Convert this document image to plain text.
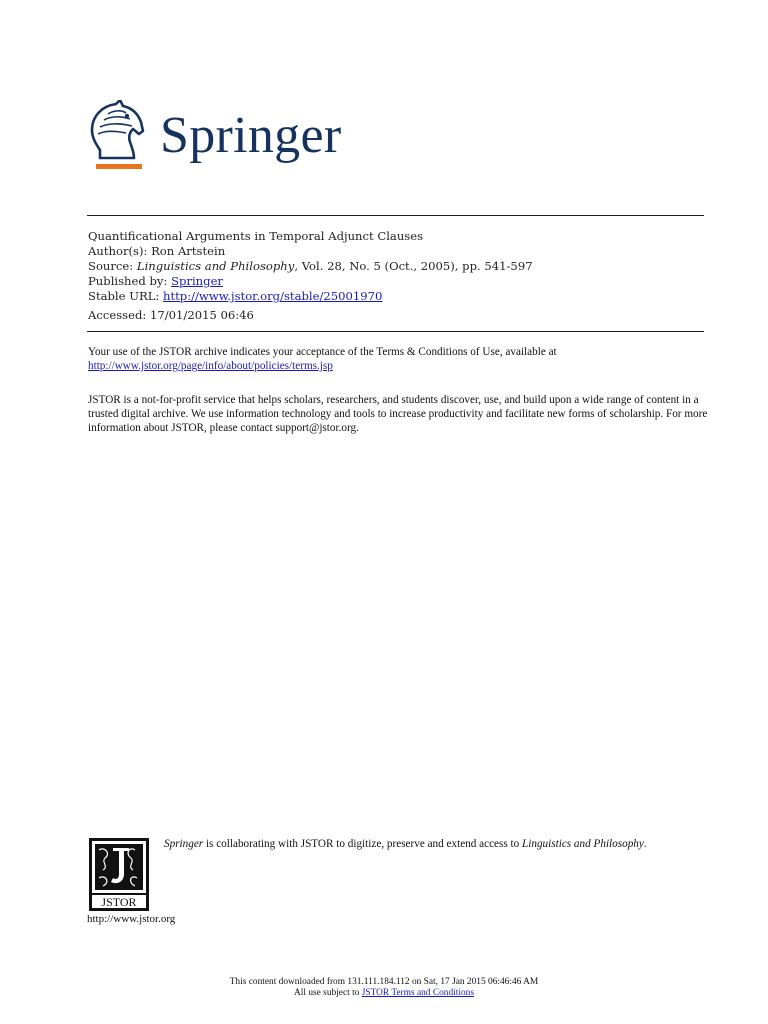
Springer
Quantificational Arguments in Temporal Adjunct Clauses
Author(s): Ron Artstein
Source: Linguistics and Philosophy, Vol. 28, No. 5 (Oct., 2005), pp. 541-597
Published by: Springer
Stable URL: http://www.jstor.org/stable/25001970
Accessed: 17/01/2015 06:46

Your use of the JSTOR archive indicates your acceptance of the Terms & Conditions of Use, available at
http://www.jstor.org/page/info/about/policies/terms.jsp

JSTOR is a not-for-profit service that helps scholars, researchers, and students discover, use, and build upon a wide range of content in a trusted digital archive. We use information technology and tools to increase productivity and facilitate new forms of scholarship. For more information about JSTOR, please contact support@jstor.org.

JSTOR
http://www.jstor.org
Springer is collaborating with JSTOR to digitize, preserve and extend access to Linguistics and Philosophy.
This content downloaded from 131.111.184.112 on Sat, 17 Jan 2015 06:46:46 AM
All use subject to JSTOR Terms and Conditions
